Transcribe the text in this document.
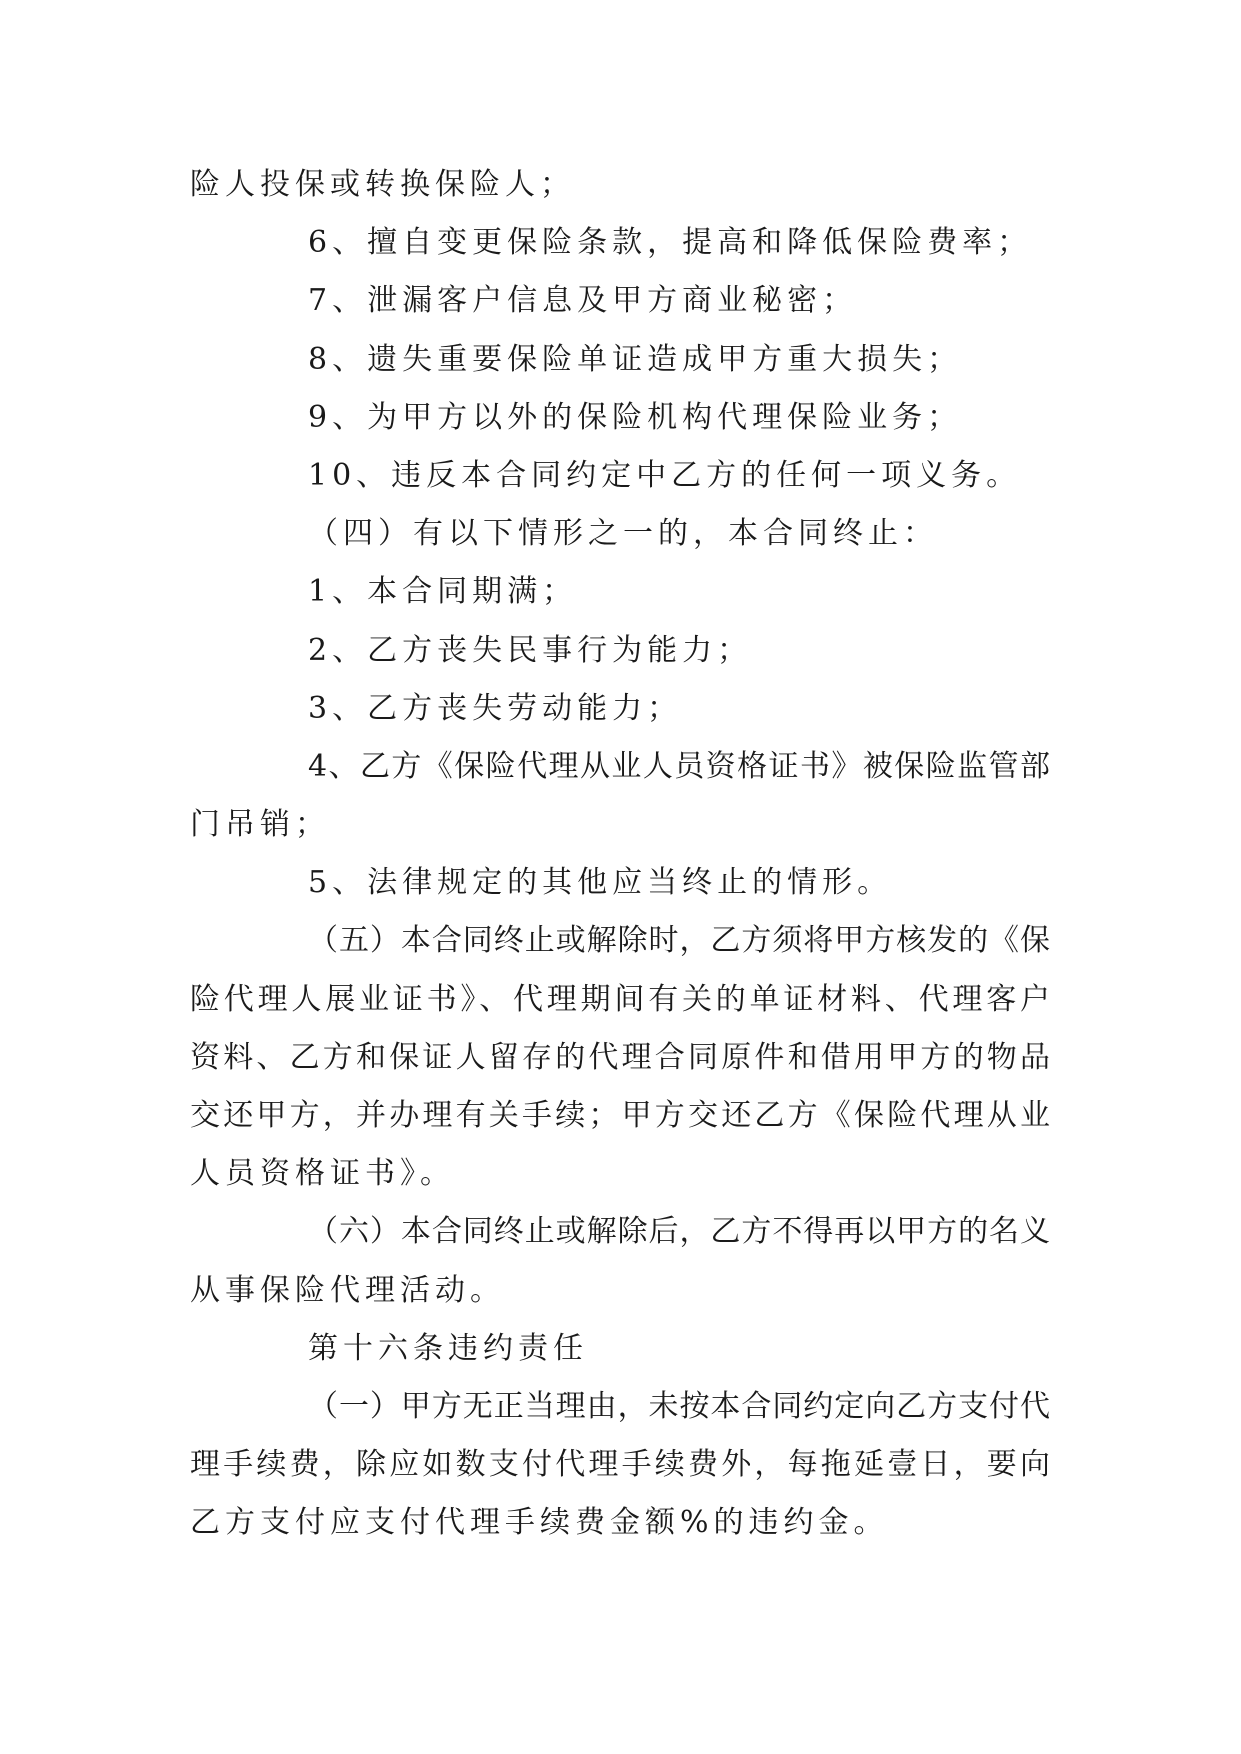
险人投保或转换保险人；
6、擅自变更保险条款，提高和降低保险费率；
7、泄漏客户信息及甲方商业秘密；
8、遗失重要保险单证造成甲方重大损失；
9、为甲方以外的保险机构代理保险业务；
10、违反本合同约定中乙方的任何一项义务。
（四）有以下情形之一的，本合同终止：
1、本合同期满；
2、乙方丧失民事行为能力；
3、乙方丧失劳动能力；
4、乙方《保险代理从业人员资格证书》被保险监管部
门吊销；
5、法律规定的其他应当终止的情形。
（五）本合同终止或解除时，乙方须将甲方核发的《保
险代理人展业证书》、代理期间有关的单证材料、代理客户
资料、乙方和保证人留存的代理合同原件和借用甲方的物品
交还甲方，并办理有关手续；甲方交还乙方《保险代理从业
人员资格证书》。
（六）本合同终止或解除后，乙方不得再以甲方的名义
从事保险代理活动。
第十六条违约责任
（一）甲方无正当理由，未按本合同约定向乙方支付代
理手续费，除应如数支付代理手续费外，每拖延壹日，要向
乙方支付应支付代理手续费金额%的违约金。
